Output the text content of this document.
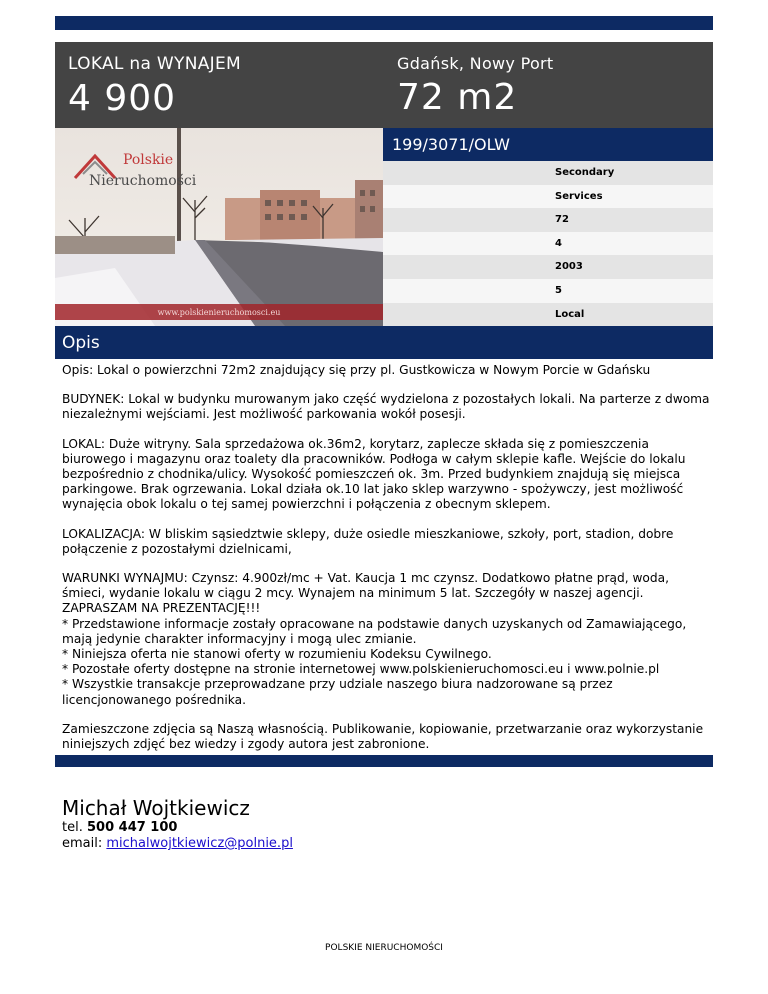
LOKAL na WYNAJEM
4 900
Gdańsk, Nowy Port
72 m2
www.polskienieruchomosci.eu
Polskie
Nieruchomości
199/3071/OLW
Secondary
Services
72
4
2003
5
Local
Opis

Opis: Lokal o powierzchni 72m2 znajdujący się przy pl. Gustkowicza w Nowym Porcie w Gdańsku

BUDYNEK: Lokal w budynku murowanym jako część wydzielona z pozostałych lokali. Na parterze z dwoma niezależnymi wejściami. Jest możliwość parkowania wokół posesji.

LOKAL: Duże witryny. Sala sprzedażowa ok.36m2, korytarz, zaplecze składa się z pomieszczenia biurowego i magazynu oraz toalety dla pracowników. Podłoga w całym sklepie kafle. Wejście do lokalu bezpośrednio z chodnika/ulicy. Wysokość pomieszczeń ok. 3m. Przed budynkiem znajdują się miejsca parkingowe. Brak ogrzewania. Lokal działa ok.10 lat jako sklep warzywno - spożywczy, jest możliwość wynajęcia obok lokalu o tej samej powierzchni i połączenia z obecnym sklepem.

LOKALIZACJA: W bliskim sąsiedztwie sklepy, duże osiedle mieszkaniowe, szkoły, port, stadion, dobre połączenie z pozostałymi dzielnicami,

WARUNKI WYNAJMU: Czynsz: 4.900zł/mc + Vat. Kaucja 1 mc czynsz. Dodatkowo płatne prąd, woda, śmieci, wydanie lokalu w ciągu 2 mcy. Wynajem na minimum 5 lat. Szczegóły w naszej agencji.
ZAPRASZAM NA PREZENTACJĘ!!!
* Przedstawione informacje zostały opracowane na podstawie danych uzyskanych od Zamawiającego, mają jedynie charakter informacyjny i mogą ulec zmianie.
* Niniejsza oferta nie stanowi oferty w rozumieniu Kodeksu Cywilnego.
* Pozostałe oferty dostępne na stronie internetowej www.polskienieruchomosci.eu i www.polnie.pl
* Wszystkie transakcje przeprowadzane przy udziale naszego biura nadzorowane są przez licencjonowanego pośrednika.

Zamieszczone zdjęcia są Naszą własnością. Publikowanie, kopiowanie, przetwarzanie oraz wykorzystanie niniejszych zdjęć bez wiedzy i zgody autora jest zabronione.

Michał Wojtkiewicz
tel. 500 447 100
email: michalwojtkiewicz@polnie.pl
POLSKIE NIERUCHOMOŚCI
